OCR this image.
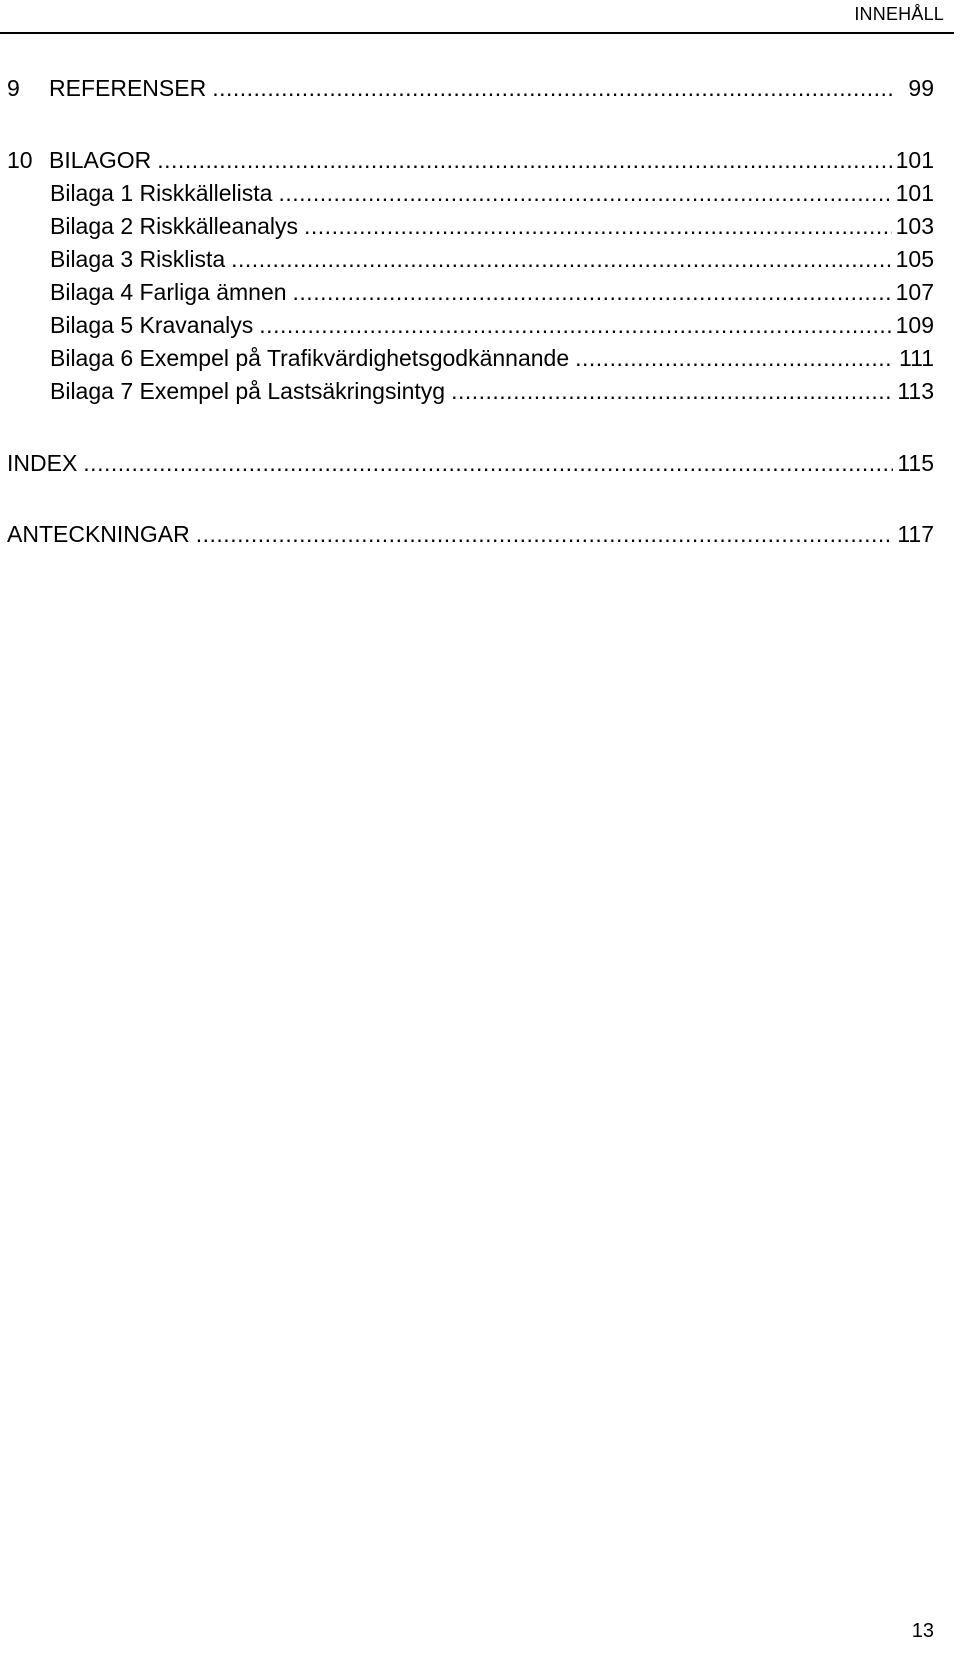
INNEHÅLL
9	REFERENSER .....	99
10 BILAGOR .....	101
Bilaga 1 Riskkällelista .....	101
Bilaga 2 Riskkälleanalys .....	103
Bilaga 3 Risklista .....	105
Bilaga 4 Farliga ämnen .....	107
Bilaga 5 Kravanalys .....	109
Bilaga 6 Exempel på Trafikvärdighetsgodkännande .....	111
Bilaga 7 Exempel på Lastsäkringsintyg .....	113
INDEX .....	115
ANTECKNINGAR .....	117
13
